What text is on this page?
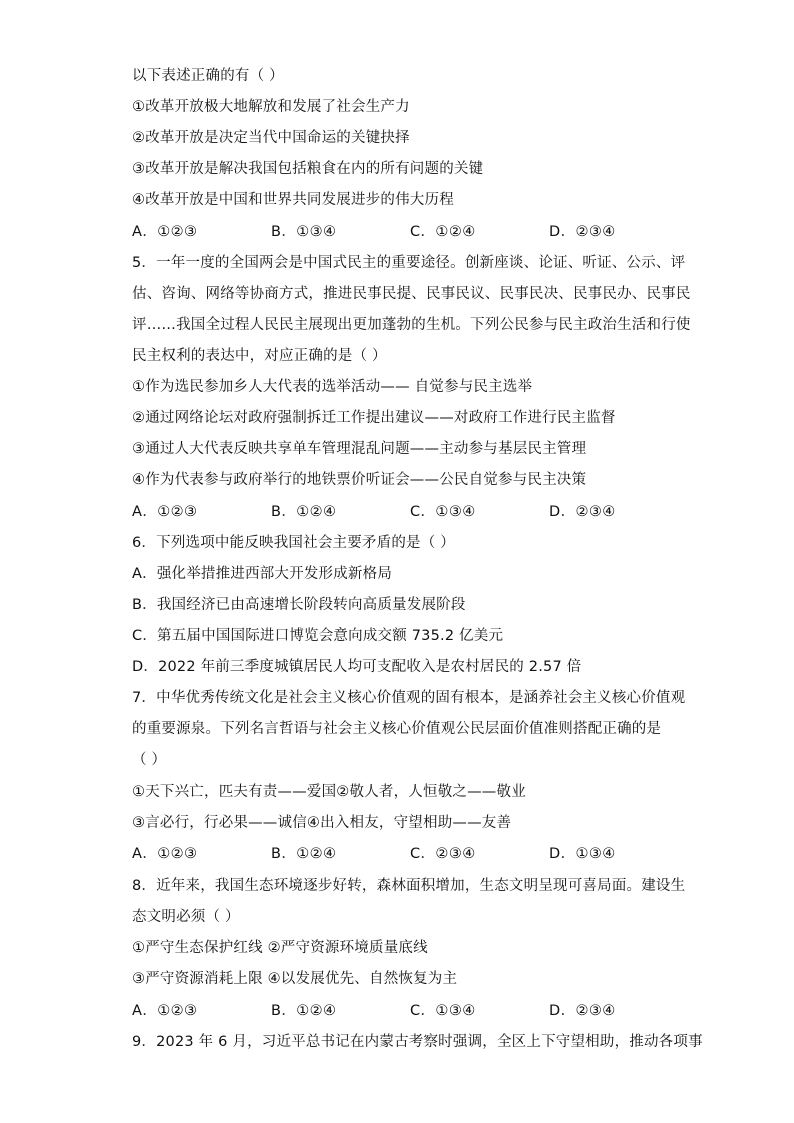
以下表述正确的有（ ）
①改革开放极大地解放和发展了社会生产力
②改革开放是决定当代中国命运的关键抉择
③改革开放是解决我国包括粮食在内的所有问题的关键
④改革开放是中国和世界共同发展进步的伟大历程
A．①②③	B．①③④	C．①②④	D．②③④
5．一年一度的全国两会是中国式民主的重要途径。创新座谈、论证、听证、公示、评
估、咨询、网络等协商方式，推进民事民提、民事民议、民事民决、民事民办、民事民
评……我国全过程人民民主展现出更加蓬勃的生机。下列公民参与民主政治生活和行使
民主权利的表达中，对应正确的是（ ）
①作为选民参加乡人大代表的选举活动—— 自觉参与民主选举
②通过网络论坛对政府强制拆迁工作提出建议——对政府工作进行民主监督
③通过人大代表反映共享单车管理混乱问题——主动参与基层民主管理
④作为代表参与政府举行的地铁票价听证会——公民自觉参与民主决策
A．①②③	B．①②④	C．①③④	D．②③④
6．下列选项中能反映我国社会主要矛盾的是（ ）
A．强化举措推进西部大开发形成新格局
B．我国经济已由高速增长阶段转向高质量发展阶段
C．第五届中国国际进口博览会意向成交额 735.2 亿美元
D．2022 年前三季度城镇居民人均可支配收入是农村居民的 2.57 倍
7．中华优秀传统文化是社会主义核心价值观的固有根本，是涵养社会主义核心价值观
的重要源泉。下列名言哲语与社会主义核心价值观公民层面价值准则搭配正确的是
（ ）
①天下兴亡，匹夫有责——爱国②敬人者，人恒敬之——敬业
③言必行，行必果——诚信④出入相友，守望相助——友善
A．①②③	B．①②④	C．②③④	D．①③④
8．近年来，我国生态环境逐步好转，森林面积增加，生态文明呈现可喜局面。建设生
态文明必须（ ）
①严守生态保护红线 ②严守资源环境质量底线
③严守资源消耗上限 ④以发展优先、自然恢复为主
A．①②③	B．①②④	C．①③④	D．②③④
9．2023 年 6 月，习近平总书记在内蒙古考察时强调，全区上下守望相助，推动各项事
